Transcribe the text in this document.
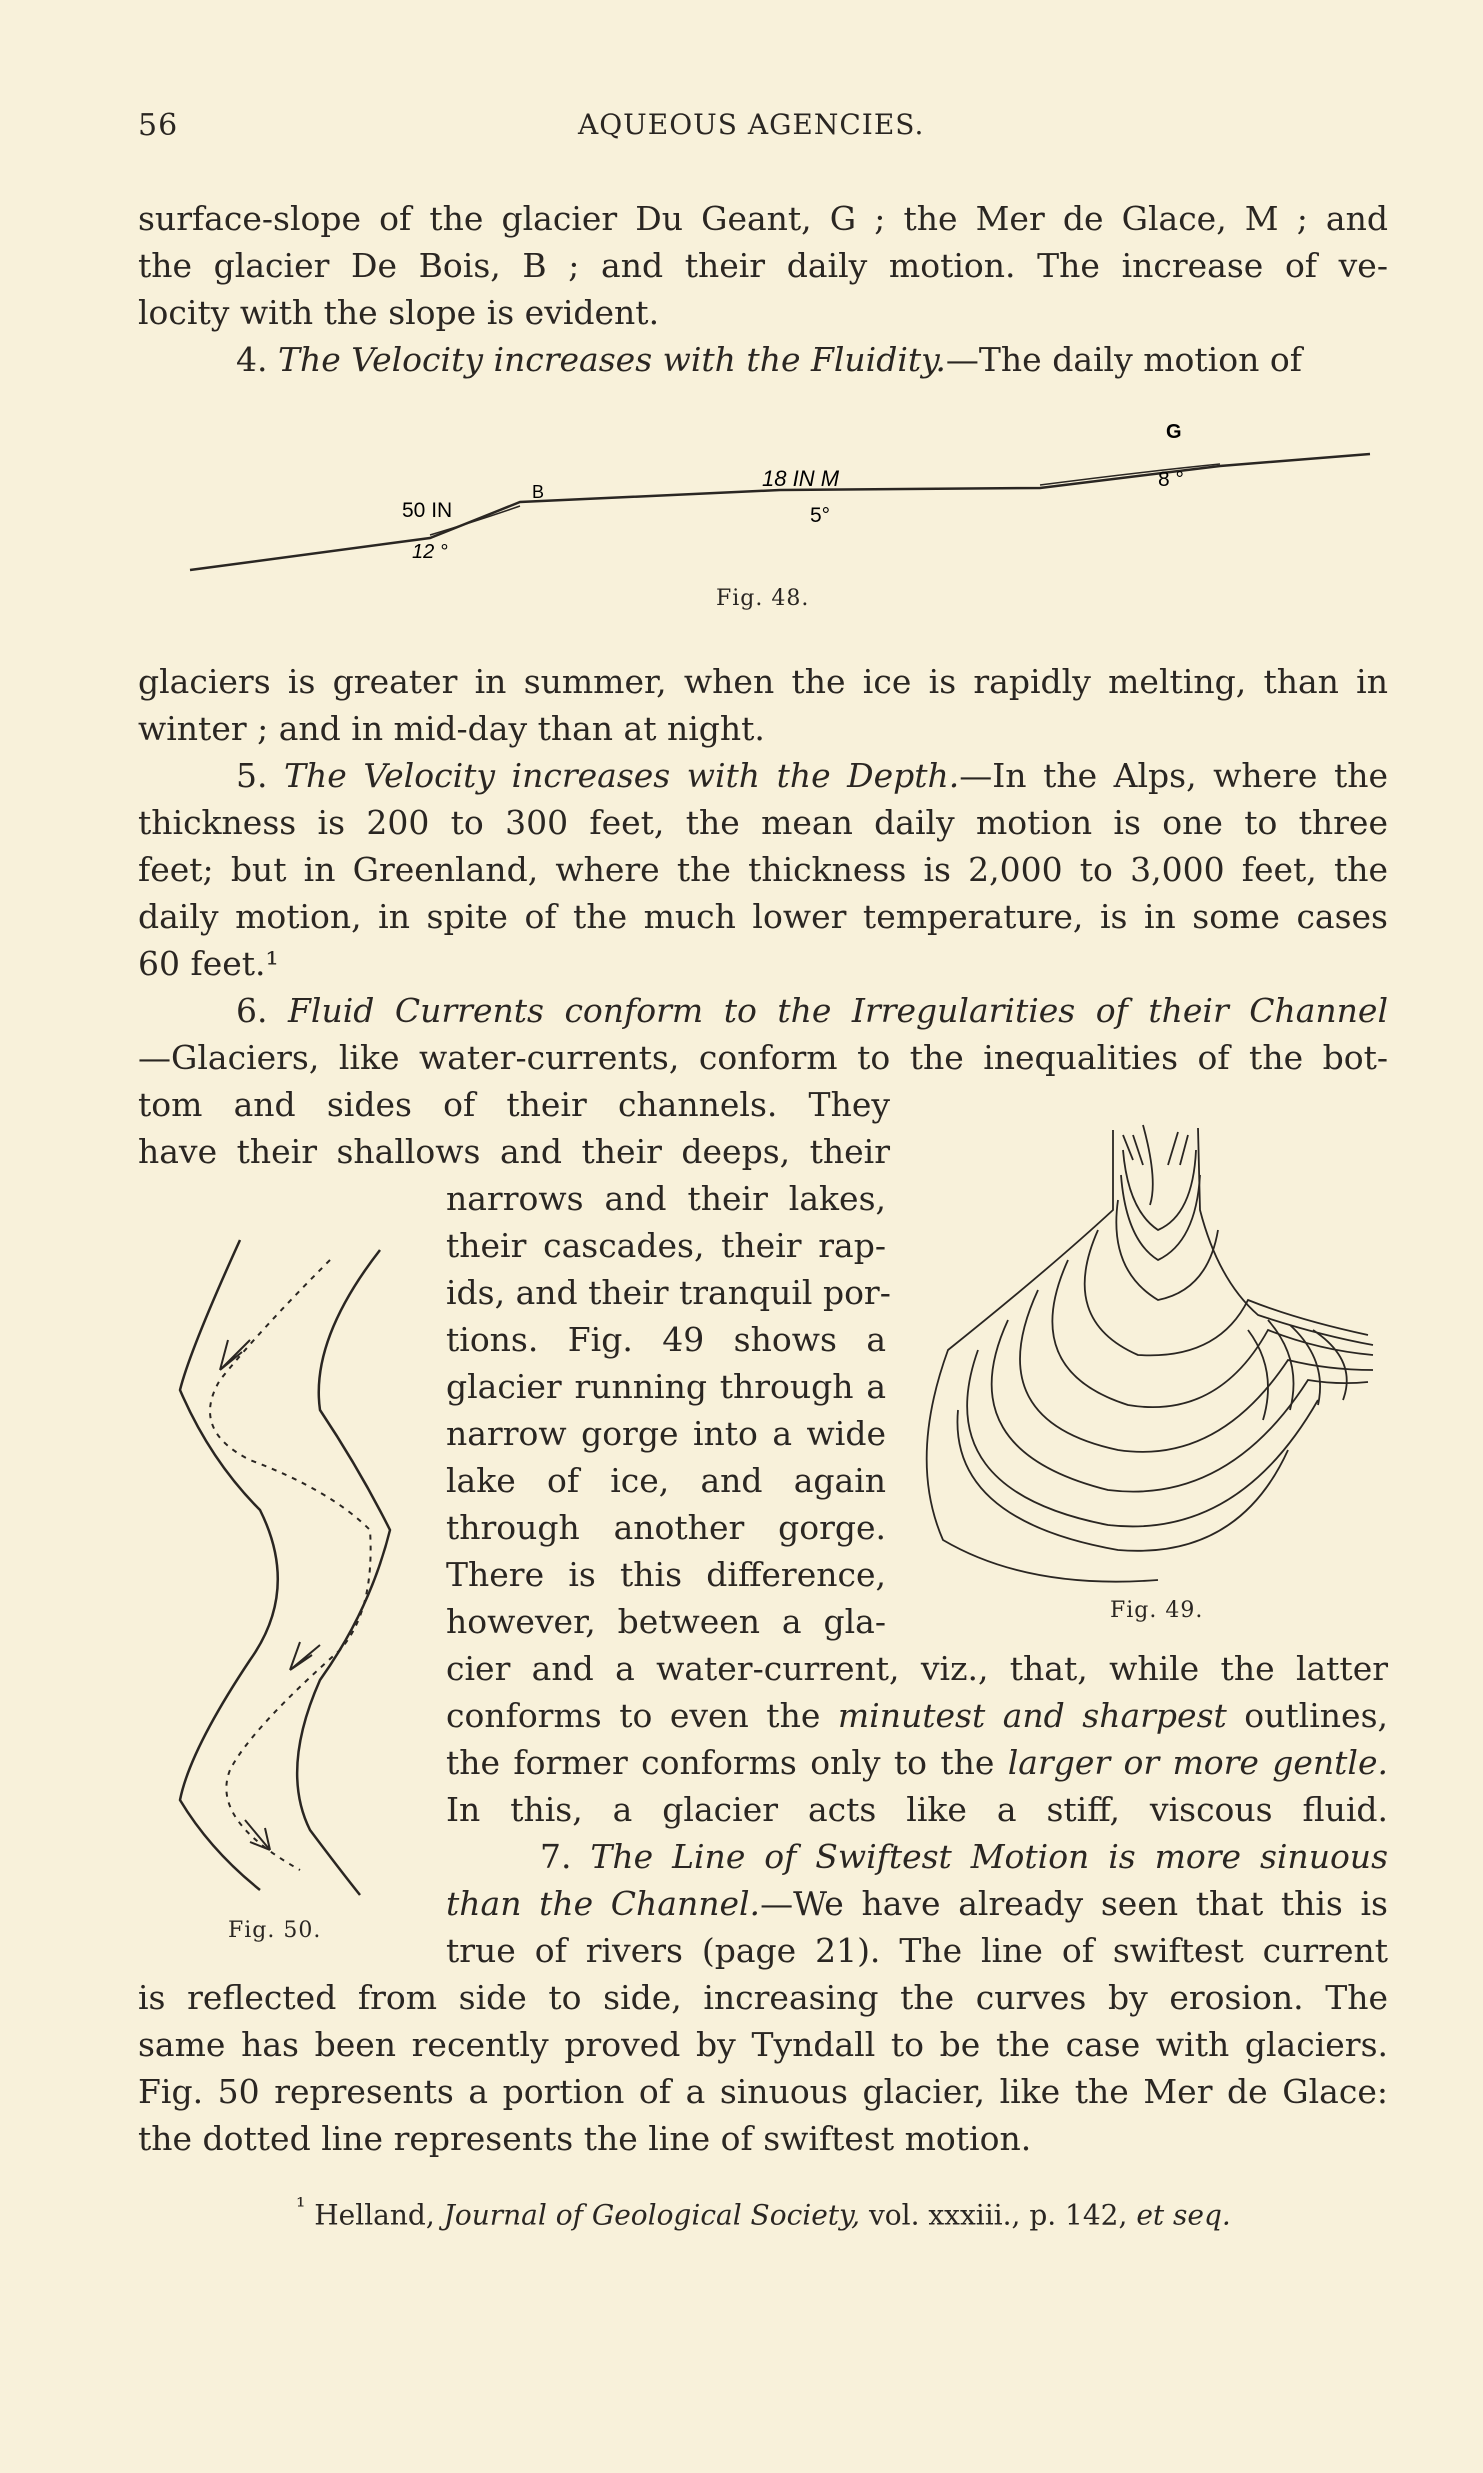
56	AQUEOUS AGENCIES.
surface-slope of the glacier Du Geant, G ; the Mer de Glace, M ; and
the glacier De Bois, B ; and their daily motion. The increase of ve-
locity with the slope is evident.
4. The Velocity increases with the Fluidity.—The daily motion of
50 IN
B
12 °
18 IN M
5°
G
8 °
Fig. 48.
glaciers is greater in summer, when the ice is rapidly melting, than in
winter ; and in mid-day than at night.
5. The Velocity increases with the Depth.—In the Alps, where the
thickness is 200 to 300 feet, the mean daily motion is one to three
feet; but in Greenland, where the thickness is 2,000 to 3,000 feet, the
daily motion, in spite of the much lower temperature, is in some cases
60 feet.¹
6. Fluid Currents conform to the Irregularities of their Channel
—Glaciers, like water-currents, conform to the inequalities of the bot-
tom and sides of their channels. They
have their shallows and their deeps, their
narrows and their lakes,
their cascades, their rap-
ids, and their tranquil por-
tions. Fig. 49 shows a
glacier running through a
narrow gorge into a wide
lake of ice, and again
through another gorge.
There is this difference,
however, between a gla-
cier and a water-current, viz., that, while the latter
conforms to even the minutest and sharpest outlines,
the former conforms only to the larger or more gentle.
In this, a glacier acts like a stiff, viscous fluid.
7. The Line of Swiftest Motion is more sinuous
than the Channel.—We have already seen that this is
true of rivers (page 21). The line of swiftest current
is reflected from side to side, increasing the curves by erosion. The
same has been recently proved by Tyndall to be the case with glaciers.
Fig. 50 represents a portion of a sinuous glacier, like the Mer de Glace:
the dotted line represents the line of swiftest motion.
Fig. 49.
Fig. 50.
$^{^1}$ Helland, Journal of Geological Society, vol. xxxiii., p. 142, et seq.
